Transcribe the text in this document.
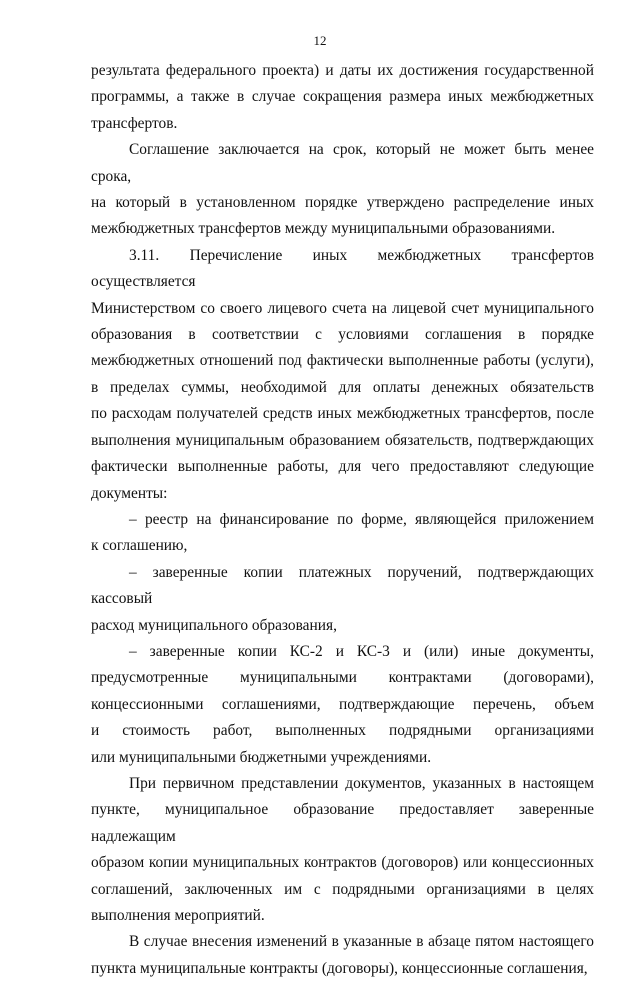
12

результата федерального проекта) и даты их достижения государственной

программы, а также в случае сокращения размера иных межбюджетных

трансфертов.

Соглашение заключается на срок, который не может быть менее срока,

на который в установленном порядке утверждено распределение иных

межбюджетных трансфертов между муниципальными образованиями.

3.11. Перечисление иных межбюджетных трансфертов осуществляется

Министерством со своего лицевого счета на лицевой счет муниципального

образования в соответствии с условиями соглашения в порядке

межбюджетных отношений под фактически выполненные работы (услуги),

в пределах суммы, необходимой для оплаты денежных обязательств

по расходам получателей средств иных межбюджетных трансфертов, после

выполнения муниципальным образованием обязательств, подтверждающих

фактически выполненные работы, для чего предоставляют следующие

документы:

– реестр на финансирование по форме, являющейся приложением

к соглашению,

– заверенные копии платежных поручений, подтверждающих кассовый

расход муниципального образования,

– заверенные копии КС-2 и КС-3 и (или) иные документы,

предусмотренные муниципальными контрактами (договорами),

концессионными соглашениями, подтверждающие перечень, объем

и стоимость работ, выполненных подрядными организациями

или муниципальными бюджетными учреждениями.

При первичном представлении документов, указанных в настоящем

пункте, муниципальное образование предоставляет заверенные надлежащим

образом копии муниципальных контрактов (договоров) или концессионных

соглашений, заключенных им с подрядными организациями в целях

выполнения мероприятий.

В случае внесения изменений в указанные в абзаце пятом настоящего

пункта муниципальные контракты (договоры), концессионные соглашения,
